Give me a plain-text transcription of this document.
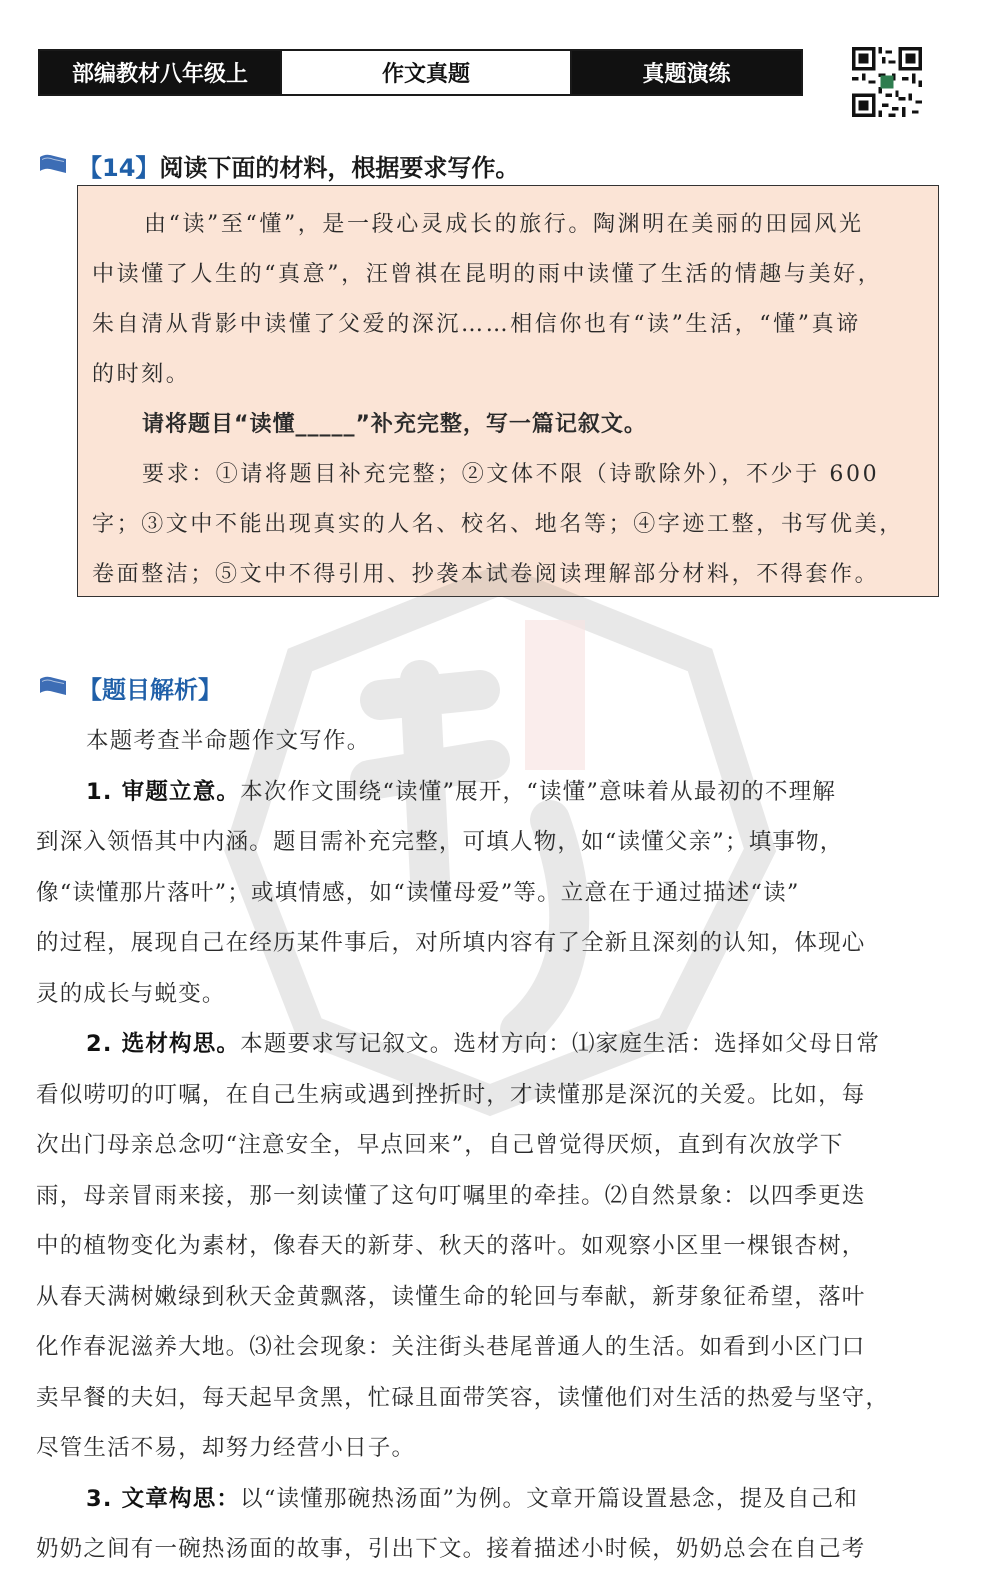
部编教材八年级上	作文真题	真题演练
【14】 阅读下面的材料，根据要求写作。
由“读”至“懂”，是一段心灵成长的旅行。陶渊明在美丽的田园风光
中读懂了人生的“真意”，汪曾祺在昆明的雨中读懂了生活的情趣与美好，
朱自清从背影中读懂了父爱的深沉……相信你也有“读”生活，“懂”真谛
的时刻。
请将题目“读懂_____”补充完整，写一篇记叙文。
要求：①请将题目补充完整；②文体不限（诗歌除外），不少于 600
字；③文中不能出现真实的人名、校名、地名等；④字迹工整，书写优美，
卷面整洁；⑤文中不得引用、抄袭本试卷阅读理解部分材料，不得套作。
【题目解析】
本题考查半命题作文写作。
1. 审题立意。本次作文围绕“读懂”展开，“读懂”意味着从最初的不理解
到深入领悟其中内涵。题目需补充完整，可填人物，如“读懂父亲”；填事物，
像“读懂那片落叶”；或填情感，如“读懂母爱”等。立意在于通过描述“读”
的过程，展现自己在经历某件事后，对所填内容有了全新且深刻的认知，体现心
灵的成长与蜕变。
2. 选材构思。本题要求写记叙文。选材方向：⑴家庭生活：选择如父母日常
看似唠叨的叮嘱，在自己生病或遇到挫折时，才读懂那是深沉的关爱。比如，每
次出门母亲总念叨“注意安全，早点回来”，自己曾觉得厌烦，直到有次放学下
雨，母亲冒雨来接，那一刻读懂了这句叮嘱里的牵挂。⑵自然景象：以四季更迭
中的植物变化为素材，像春天的新芽、秋天的落叶。如观察小区里一棵银杏树，
从春天满树嫩绿到秋天金黄飘落，读懂生命的轮回与奉献，新芽象征希望，落叶
化作春泥滋养大地。⑶社会现象：关注街头巷尾普通人的生活。如看到小区门口
卖早餐的夫妇，每天起早贪黑，忙碌且面带笑容，读懂他们对生活的热爱与坚守，
尽管生活不易，却努力经营小日子。
3. 文章构思：以“读懂那碗热汤面”为例。文章开篇设置悬念，提及自己和
奶奶之间有一碗热汤面的故事，引出下文。接着描述小时候，奶奶总会在自己考
